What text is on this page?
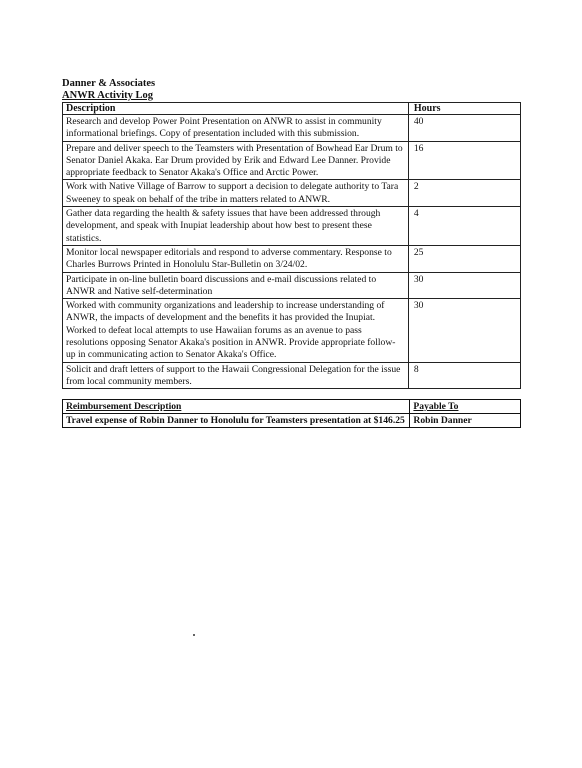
Danner & Associates
ANWR Activity Log
Description	Hours
Research and develop Power Point Presentation on ANWR to assist in community informational briefings. Copy of presentation included with this submission.	40
Prepare and deliver speech to the Teamsters with Presentation of Bowhead Ear Drum to Senator Daniel Akaka. Ear Drum provided by Erik and Edward Lee Danner. Provide appropriate feedback to Senator Akaka's Office and Arctic Power.	16
Work with Native Village of Barrow to support a decision to delegate authority to Tara Sweeney to speak on behalf of the tribe in matters related to ANWR.	2
Gather data regarding the health & safety issues that have been addressed through development, and speak with Inupiat leadership about how best to present these statistics.	4
Monitor local newspaper editorials and respond to adverse commentary. Response to Charles Burrows Printed in Honolulu Star-Bulletin on 3/24/02.	25
Participate in on-line bulletin board discussions and e-mail discussions related to ANWR and Native self-determination	30
Worked with community organizations and leadership to increase understanding of ANWR, the impacts of development and the benefits it has provided the Inupiat. Worked to defeat local attempts to use Hawaiian forums as an avenue to pass resolutions opposing Senator Akaka's position in ANWR. Provide appropriate follow-up in communicating action to Senator Akaka's Office.	30
Solicit and draft letters of support to the Hawaii Congressional Delegation for the issue from local community members.	8
Reimbursement Description	Payable To
Travel expense of Robin Danner to Honolulu for Teamsters presentation at $146.25	Robin Danner
